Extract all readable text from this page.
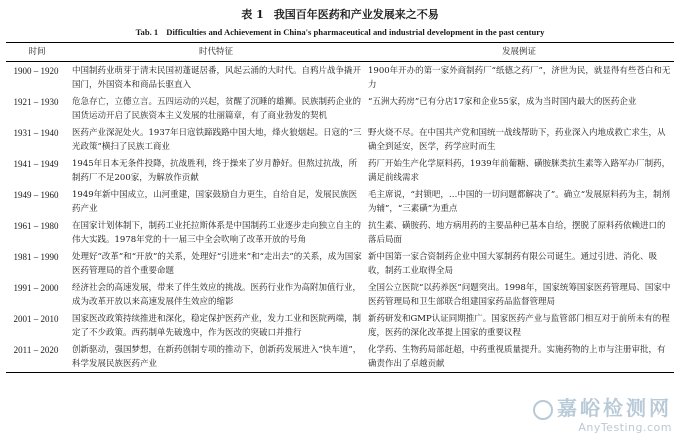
表 1 我国百年医药和产业发展来之不易
Tab. 1 Difficulties and Achievement in China's pharmaceutical and industrial development in the past century
时间	时代特征	发展例证
1900 – 1920	中国制药业萌芽于清末民国初蓬诞居番，风起云涌的大时代。自鸦片战争撬开国门，外国资本和商品长驱直入	1900年开办的第一家外商制药厂“纸德之药厂”，济世为民，就显得有些苍白和无力
1921 – 1930	危急存亡，立德立言。五四运动的兴起，贫醒了沉睡的雄狮。民族制药企业的国货运动开启了民族资本主义发展的壮丽篇章，有了商业勃发的契机	“五洲大药房”已有分店17家和企业55家，成为当时国内最大的医药企业
1931 – 1940	医药产业深泥处火。1937年日寇铁蹄践路中国大地，烽火狼烟起。日寇的“三光政策”横扫了民族工商业	野火烧不尽。在中国共产党和国统一战线帮助下，药业深入内地成救亡求生，从确全到延安，医学，药学应时而生
1941 – 1949	1945年日本无条件投降，抗战胜利，终于操来了岁月静好。但熬过抗战，所制药厂不足200家，为解放作贡献	药厂开始生产化学原料药，1939年前葡糖、磺胺脒类抗生素等入路军办厂制药，满足前线需求
1949 – 1960	1949年新中国成立，山河重建，国家鼓励自力更生，自给自足，发展民族医药产业	毛主席说，“封锁吧，…中国的一切问题都解决了”。确立“发展原料药为主，制剂为辅”，“三素磺”为重点
1961 – 1980	在国家计划体制下，制药工业托拉斯体系是中国制药工业逐步走向独立自主的伟大实践。1978年党的十一届三中全会吹响了改革开放的号角	抗生素、磺胺药、地方病用药的主要品种已基本自给，摆脱了原料药依赖进口的落后局面
1981 – 1990	处理好“改革”和“开放”的关系，处理好“引进来”和“走出去”的关系，成为国家医药管理局的首个重要命题	新中国第一家合资制药企业中国大冢制药有限公司诞生。通过引进、消化、吸收，制药工业取得全局
1991 – 2000	经济社会的高速发展，带来了伴生效应的挑战。医药行业作为高附加值行业，成为改革开放以来高速发展伴生效应的缩影	全国公立医院“以药养医”问题突出。1998年，国家统筹国家医药管理局、国家中医药管理局和卫生部联合组建国家药品监督管理局
2001 – 2010	国家医改政策持续推进和深化，稳定保护医药产业，发力工业和医院两端，制定了不少政策。西药制单先破逸中，作为医改的突破口并推行	新药研发和GMP认证同期推广。国家医药产业与监管部门相互对于前所未有的程度，医药的深化改革提上国家的重要议程
2011 – 2020	创新驱动，强国梦想，在新药创制专项的推动下，创新药发展进入“快车道”，科学发展民族医药产业	化学药、生物药局部赶超，中药重视质量提升。实施药物的上市与注册审批，有确责作出了卓越贡献
嘉峪检测网
AnyTesting.com
